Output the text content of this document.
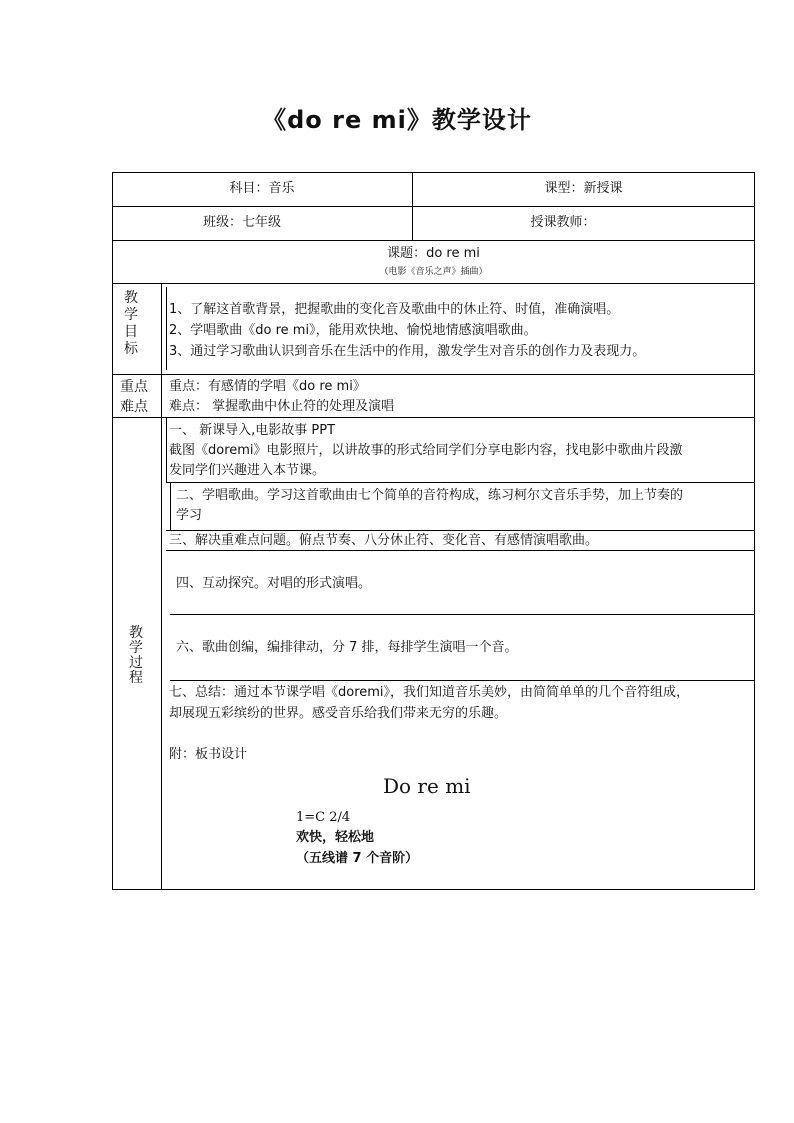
《do re mi》教学设计
科目：音乐	课型：新授课
班级：七年级	授课教师：
课题：do re mi
（电影《音乐之声》插曲）
教学目标
1、了解这首歌背景，把握歌曲的变化音及歌曲中的休止符、时值，准确演唱。
2、学唱歌曲《do re mi》，能用欢快地、愉悦地情感演唱歌曲。
3、通过学习歌曲认识到音乐在生活中的作用，激发学生对音乐的创作力及表现力。
重点
难点
重点：有感情的学唱《do re mi》
难点： 掌握歌曲中休止符的处理及演唱
教学过程
一、 新课导入,电影故事 PPT
截图《doremi》电影照片，以讲故事的形式给同学们分享电影内容，找电影中歌曲片段激
发同学们兴趣进入本节课。
二、学唱歌曲。学习这首歌曲由七个简单的音符构成，练习柯尔文音乐手势，加上节奏的
学习
三、解决重难点问题。俯点节奏、八分休止符、变化音、有感情演唱歌曲。
四、互动探究。对唱的形式演唱。
六、歌曲创编，编排律动，分 7 排，每排学生演唱一个音。
七、总结：通过本节课学唱《doremi》，我们知道音乐美妙，由简简单单的几个音符组成，
却展现五彩缤纷的世界。感受音乐给我们带来无穷的乐趣。
附：板书设计
Do re mi
1=C 2/4
欢快，轻松地
（五线谱 7 个音阶）
